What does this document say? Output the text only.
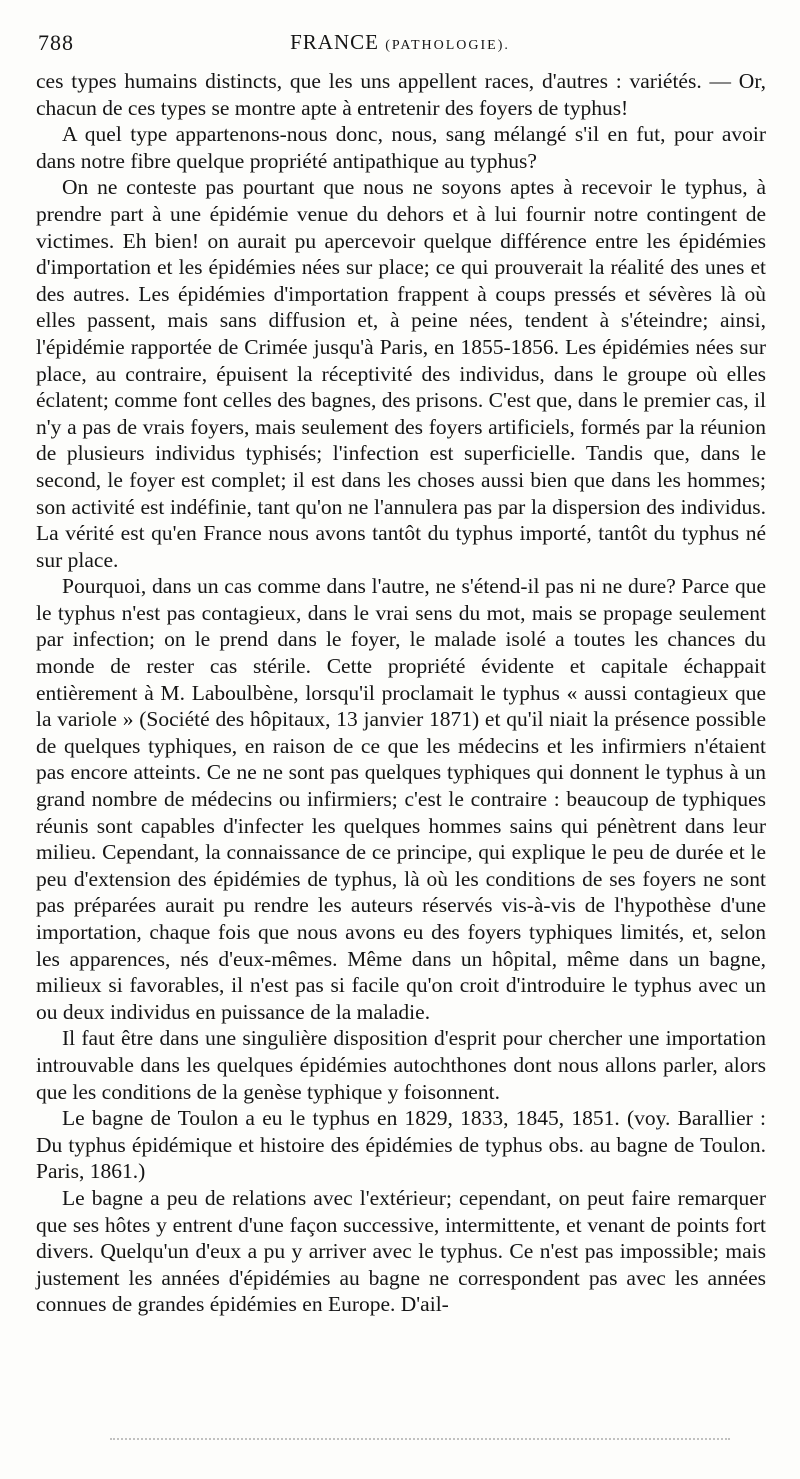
788	FRANCE (PATHOLOGIE).

ces types humains distincts, que les uns appellent races, d'autres : variétés. — Or, chacun de ces types se montre apte à entretenir des foyers de typhus!

A quel type appartenons-nous donc, nous, sang mélangé s'il en fut, pour avoir dans notre fibre quelque propriété antipathique au typhus?

On ne conteste pas pourtant que nous ne soyons aptes à recevoir le typhus, à prendre part à une épidémie venue du dehors et à lui fournir notre contingent de victimes. Eh bien! on aurait pu apercevoir quelque différence entre les épidémies d'importation et les épidémies nées sur place; ce qui prouverait la réalité des unes et des autres. Les épidémies d'importation frappent à coups pressés et sévères là où elles passent, mais sans diffusion et, à peine nées, tendent à s'éteindre; ainsi, l'épidémie rapportée de Crimée jusqu'à Paris, en 1855-1856. Les épidémies nées sur place, au contraire, épuisent la réceptivité des individus, dans le groupe où elles éclatent; comme font celles des bagnes, des prisons. C'est que, dans le premier cas, il n'y a pas de vrais foyers, mais seulement des foyers artificiels, formés par la réunion de plusieurs individus typhisés; l'infection est superficielle. Tandis que, dans le second, le foyer est complet; il est dans les choses aussi bien que dans les hommes; son activité est indéfinie, tant qu'on ne l'annulera pas par la dispersion des individus. La vérité est qu'en France nous avons tantôt du typhus importé, tantôt du typhus né sur place.

Pourquoi, dans un cas comme dans l'autre, ne s'étend-il pas ni ne dure? Parce que le typhus n'est pas contagieux, dans le vrai sens du mot, mais se propage seulement par infection; on le prend dans le foyer, le malade isolé a toutes les chances du monde de rester cas stérile. Cette propriété évidente et capitale échappait entièrement à M. Laboulbène, lorsqu'il proclamait le typhus « aussi contagieux que la variole » (Société des hôpitaux, 13 janvier 1871) et qu'il niait la présence possible de quelques typhiques, en raison de ce que les médecins et les infirmiers n'étaient pas encore atteints. Ce ne ne sont pas quelques typhiques qui donnent le typhus à un grand nombre de médecins ou infirmiers; c'est le contraire : beaucoup de typhiques réunis sont capables d'infecter les quelques hommes sains qui pénètrent dans leur milieu. Cependant, la connaissance de ce principe, qui explique le peu de durée et le peu d'extension des épidémies de typhus, là où les conditions de ses foyers ne sont pas préparées aurait pu rendre les auteurs réservés vis-à-vis de l'hypothèse d'une importation, chaque fois que nous avons eu des foyers typhiques limités, et, selon les apparences, nés d'eux-mêmes. Même dans un hôpital, même dans un bagne, milieux si favorables, il n'est pas si facile qu'on croit d'introduire le typhus avec un ou deux individus en puissance de la maladie.

Il faut être dans une singulière disposition d'esprit pour chercher une importation introuvable dans les quelques épidémies autochthones dont nous allons parler, alors que les conditions de la genèse typhique y foisonnent.

Le bagne de Toulon a eu le typhus en 1829, 1833, 1845, 1851. (voy. Barallier : Du typhus épidémique et histoire des épidémies de typhus obs. au bagne de Toulon. Paris, 1861.)

Le bagne a peu de relations avec l'extérieur; cependant, on peut faire remarquer que ses hôtes y entrent d'une façon successive, intermittente, et venant de points fort divers. Quelqu'un d'eux a pu y arriver avec le typhus. Ce n'est pas impossible; mais justement les années d'épidémies au bagne ne correspondent pas avec les années connues de grandes épidémies en Europe. D'ail-
